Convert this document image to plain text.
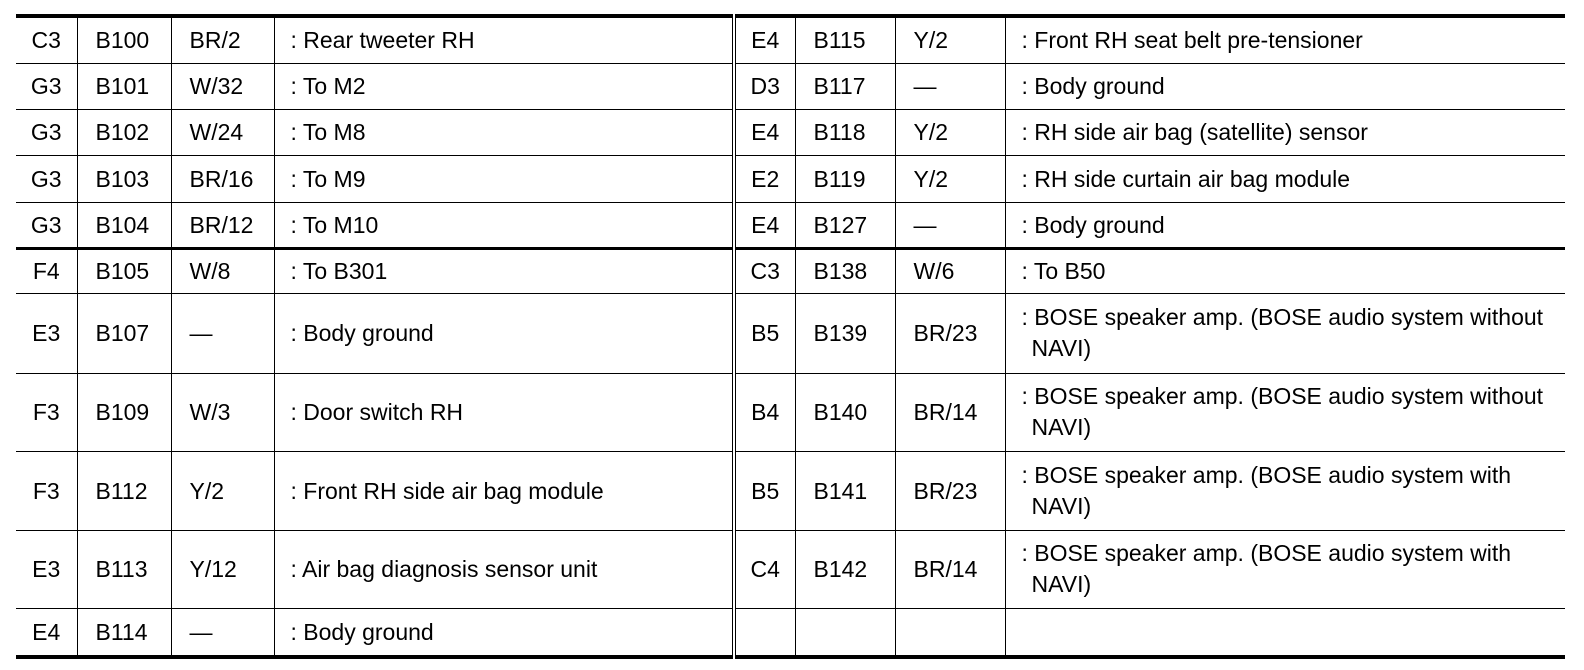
C3	B100	BR/2	: Rear tweeter RH	E4	B115	Y/2	: Front RH seat belt pre-tensioner

G3	B101	W/32	: To M2	D3	B117	—	: Body ground

G3	B102	W/24	: To M8	E4	B118	Y/2	: RH side air bag (satellite) sensor

G3	B103	BR/16	: To M9	E2	B119	Y/2	: RH side curtain air bag module

G3	B104	BR/12	: To M10	E4	B127	—	: Body ground

F4	B105	W/8	: To B301	C3	B138	W/6	: To B50

E3	B107	—	: Body ground	B5	B139	BR/23	: BOSE speaker amp. (BOSE audio system without NAVI)

F3	B109	W/3	: Door switch RH	B4	B140	BR/14	: BOSE speaker amp. (BOSE audio system without NAVI)

F3	B112	Y/2	: Front RH side air bag module	B5	B141	BR/23	: BOSE speaker amp. (BOSE audio system with NAVI)

E3	B113	Y/12	: Air bag diagnosis sensor unit	C4	B142	BR/14	: BOSE speaker amp. (BOSE audio system with NAVI)

E4	B114	—	: Body ground				
